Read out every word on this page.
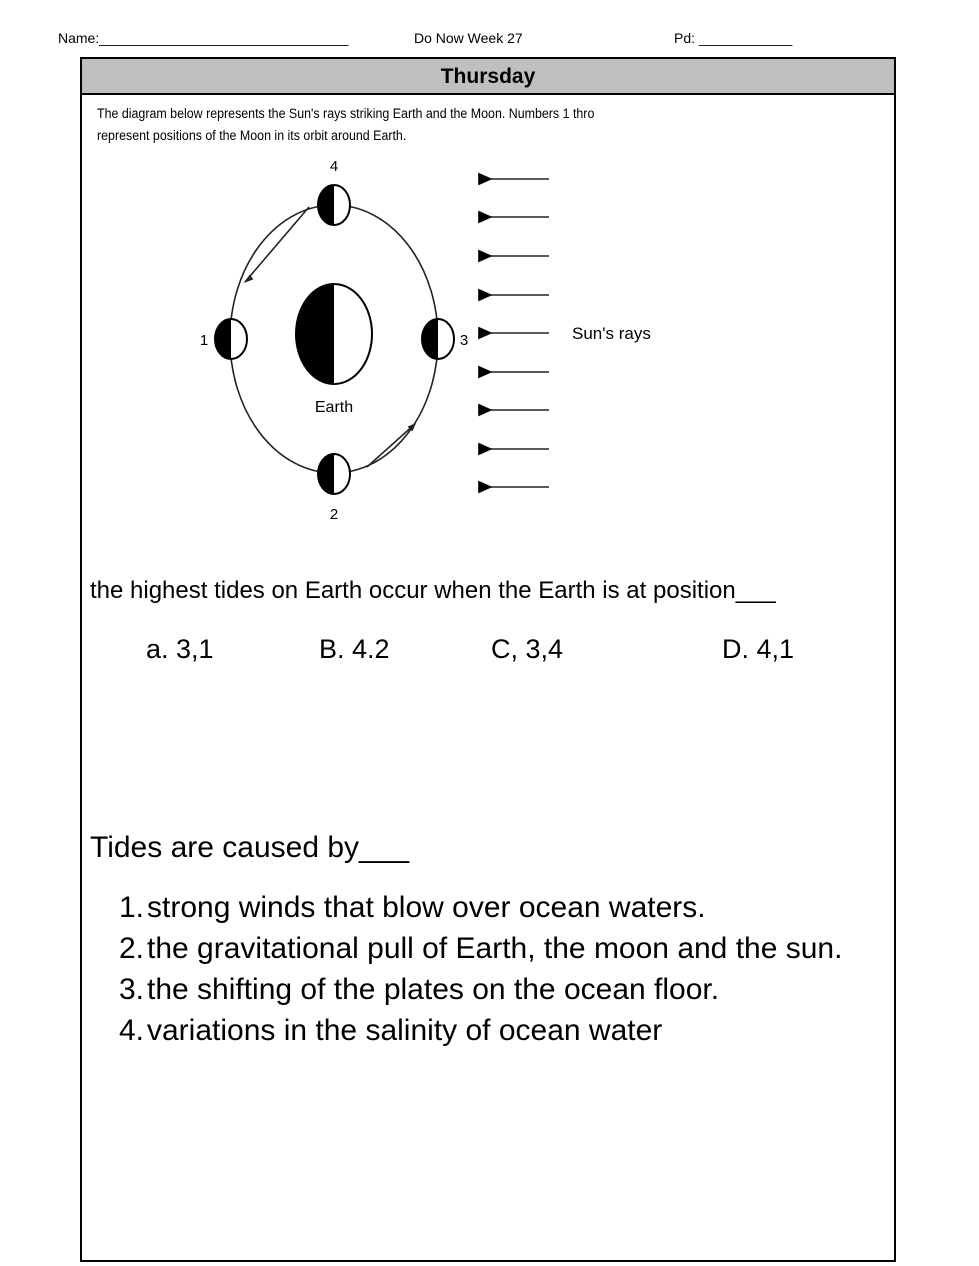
Name:________________________________	Do Now Week 27	Pd: ____________
Thursday
The diagram below represents the Sun's rays striking Earth and the Moon. Numbers 1 thro
represent positions of the Moon in its orbit around Earth.
4
1	3
2
Earth
Sun's rays
the highest tides on Earth occur when the Earth is at position___
a. 3,1	B. 4.2	C, 3,4	D. 4,1
Tides are caused by___
1.strong winds that blow over ocean waters.
2.the gravitational pull of Earth, the moon and the sun.
3.the shifting of the plates on the ocean floor.
4.variations in the salinity of ocean water
